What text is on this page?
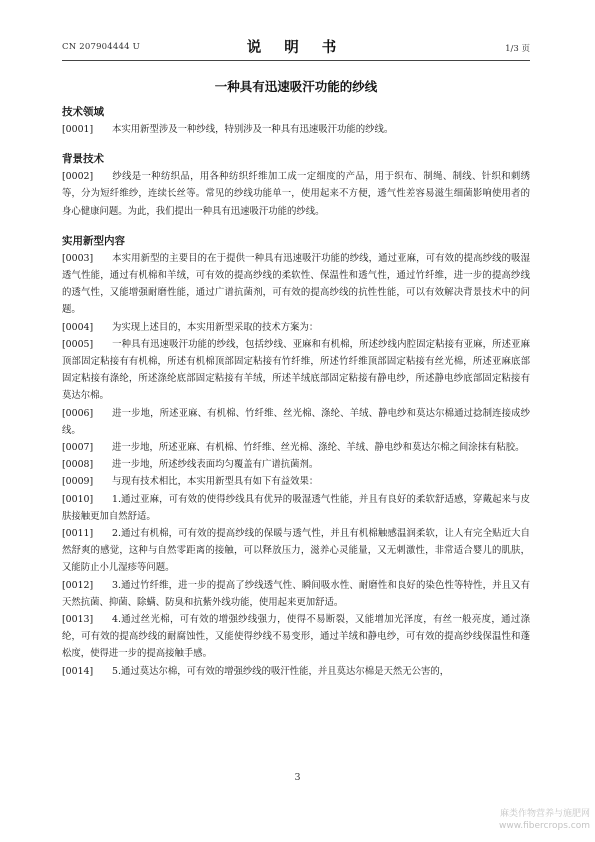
CN 207904444 U	说 明 书	1/3 页
一种具有迅速吸汗功能的纱线

技术领域

[0001] 本实用新型涉及一种纱线，特别涉及一种具有迅速吸汗功能的纱线。

背景技术

[0002] 纱线是一种纺织品，用各种纺织纤维加工成一定细度的产品，用于织布、制绳、制线、针织和刺绣等，分为短纤维纱，连续长丝等。常见的纱线功能单一，使用起来不方便，透气性差容易滋生细菌影响使用者的身心健康问题。为此，我们提出一种具有迅速吸汗功能的纱线。

实用新型内容

[0003] 本实用新型的主要目的在于提供一种具有迅速吸汗功能的纱线，通过亚麻，可有效的提高纱线的吸湿透气性能，通过有机棉和羊绒，可有效的提高纱线的柔软性、保温性和透气性，通过竹纤维，进一步的提高纱线的透气性，又能增强耐磨性能，通过广谱抗菌剂，可有效的提高纱线的抗性性能，可以有效解决背景技术中的问题。

[0004] 为实现上述目的，本实用新型采取的技术方案为：

[0005] 一种具有迅速吸汗功能的纱线，包括纱线、亚麻和有机棉，所述纱线内腔固定粘接有亚麻，所述亚麻顶部固定粘接有有机棉，所述有机棉顶部固定粘接有竹纤维，所述竹纤维顶部固定粘接有丝光棉，所述亚麻底部固定粘接有涤纶，所述涤纶底部固定粘接有羊绒，所述羊绒底部固定粘接有静电纱，所述静电纱底部固定粘接有莫达尔棉。

[0006] 进一步地，所述亚麻、有机棉、竹纤维、丝光棉、涤纶、羊绒、静电纱和莫达尔棉通过捻制连接成纱线。

[0007] 进一步地，所述亚麻、有机棉、竹纤维、丝光棉、涤纶、羊绒、静电纱和莫达尔棉之间涂抹有粘胶。

[0008] 进一步地，所述纱线表面均匀覆盖有广谱抗菌剂。

[0009] 与现有技术相比，本实用新型具有如下有益效果：

[0010] 1.通过亚麻，可有效的使得纱线具有优异的吸湿透气性能，并且有良好的柔软舒适感，穿戴起来与皮肤接触更加自然舒适。

[0011] 2.通过有机棉，可有效的提高纱线的保暖与透气性，并且有机棉触感温润柔软，让人有完全贴近大自然舒爽的感觉，这种与自然零距离的接触，可以释放压力，滋养心灵能量，又无刺激性，非常适合婴儿的肌肤，又能防止小儿湿疹等问题。

[0012] 3.通过竹纤维，进一步的提高了纱线透气性、瞬间吸水性、耐磨性和良好的染色性等特性，并且又有天然抗菌、抑菌、除螨、防臭和抗紫外线功能，使用起来更加舒适。

[0013] 4.通过丝光棉，可有效的增强纱线强力，使得不易断裂，又能增加光泽度，有丝一般亮度，通过涤纶，可有效的提高纱线的耐腐蚀性，又能使得纱线不易变形，通过羊绒和静电纱，可有效的提高纱线保温性和蓬松度，使得进一步的提高接触手感。

[0014] 5.通过莫达尔棉，可有效的增强纱线的吸汗性能，并且莫达尔棉是天然无公害的，

3
麻类作物营养与施肥网
www.fibercrops.com
